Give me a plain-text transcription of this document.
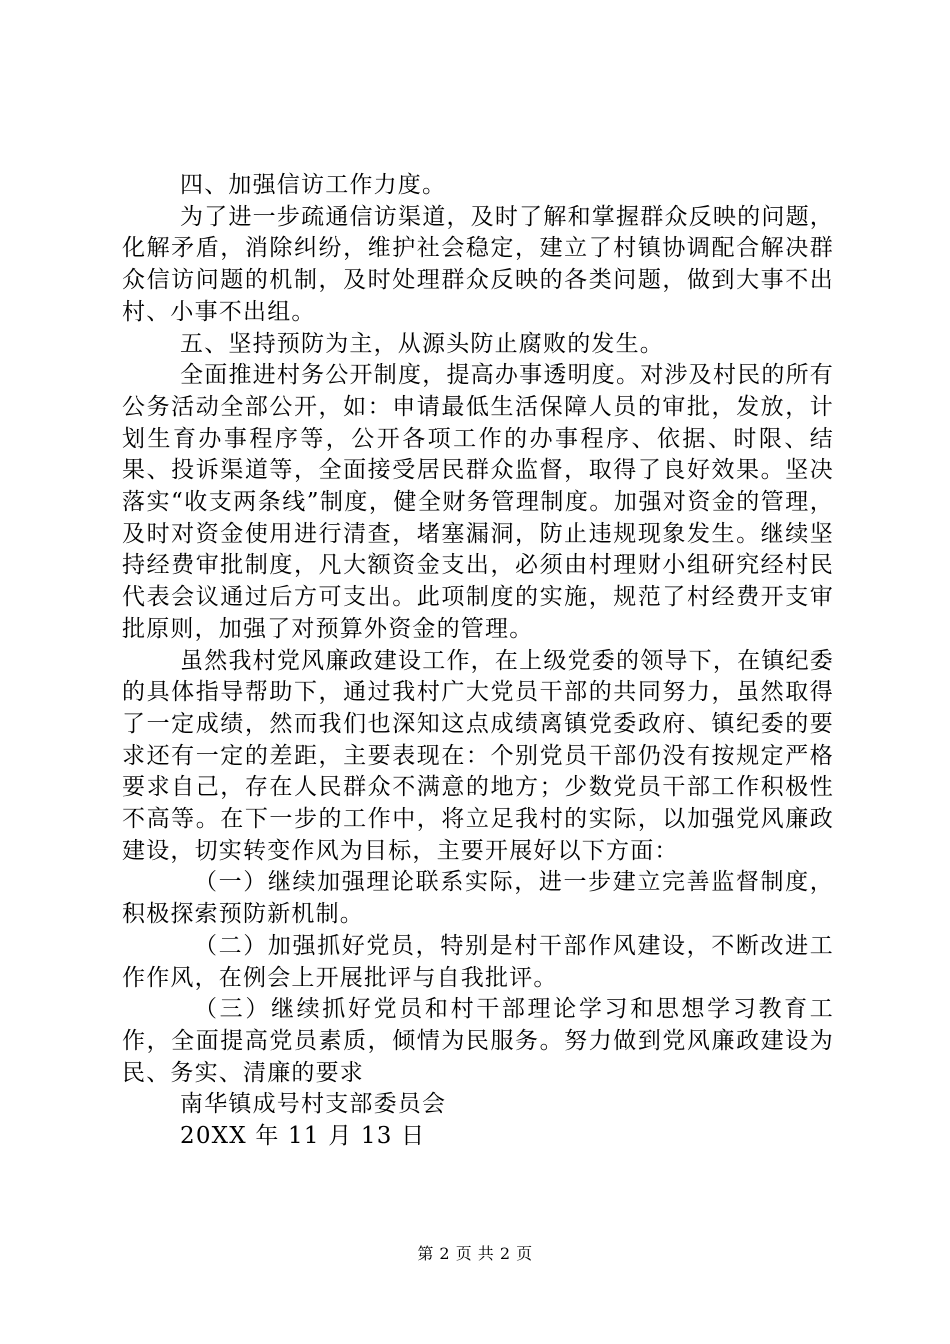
四、加强信访工作力度。

为了进一步疏通信访渠道，及时了解和掌握群众反映的问题，化解矛盾，消除纠纷，维护社会稳定，建立了村镇协调配合解决群众信访问题的机制，及时处理群众反映的各类问题，做到大事不出村、小事不出组。

五、坚持预防为主，从源头防止腐败的发生。

全面推进村务公开制度，提高办事透明度。对涉及村民的所有公务活动全部公开，如：申请最低生活保障人员的审批，发放，计划生育办事程序等，公开各项工作的办事程序、依据、时限、结果、投诉渠道等，全面接受居民群众监督，取得了良好效果。坚决落实“收支两条线”制度，健全财务管理制度。加强对资金的管理，及时对资金使用进行清查，堵塞漏洞，防止违规现象发生。继续坚持经费审批制度，凡大额资金支出，必须由村理财小组研究经村民代表会议通过后方可支出。此项制度的实施，规范了村经费开支审批原则，加强了对预算外资金的管理。

虽然我村党风廉政建设工作，在上级党委的领导下，在镇纪委的具体指导帮助下，通过我村广大党员干部的共同努力，虽然取得了一定成绩，然而我们也深知这点成绩离镇党委政府、镇纪委的要求还有一定的差距，主要表现在：个别党员干部仍没有按规定严格要求自己，存在人民群众不满意的地方；少数党员干部工作积极性不高等。在下一步的工作中，将立足我村的实际，以加强党风廉政建设，切实转变作风为目标，主要开展好以下方面：

（一）继续加强理论联系实际，进一步建立完善监督制度，积极探索预防新机制。

（二）加强抓好党员，特别是村干部作风建设，不断改进工作作风，在例会上开展批评与自我批评。

（三）继续抓好党员和村干部理论学习和思想学习教育工作，全面提高党员素质，倾情为民服务。努力做到党风廉政建设为民、务实、清廉的要求

南华镇成号村支部委员会

20XX 年 11 月 13 日

第 2 页 共 2 页
